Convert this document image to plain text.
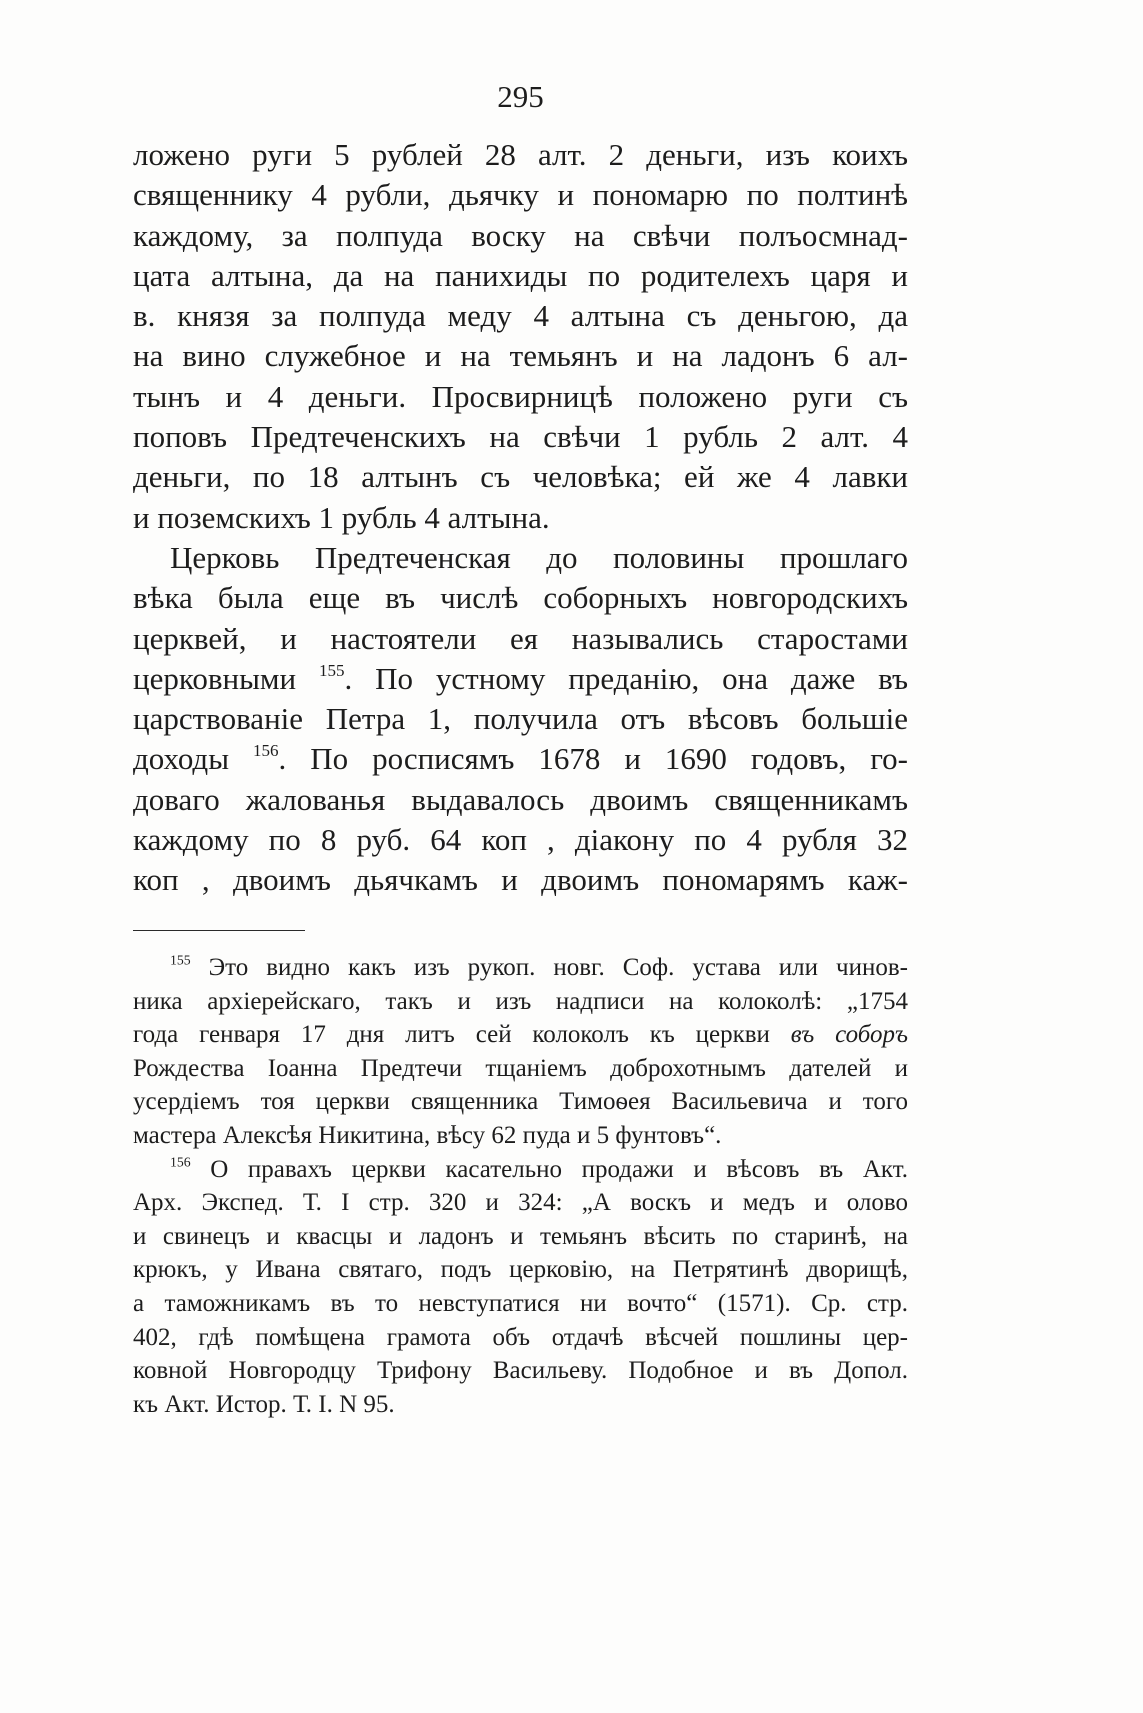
295
ложено руги 5 рублей 28 алт. 2 деньги, изъ коихъ
священнику 4 рубли, дьячку и пономарю по полтинѣ
каждому, за полпуда воску на свѣчи полъосмнад-
цата алтына, да на панихиды по родителехъ царя и
в. князя за полпуда меду 4 алтына съ деньгою, да
на вино служебное и на темьянъ и на ладонъ 6 ал-
тынъ и 4 деньги. Просвирницѣ положено руги съ
поповъ Предтеченскихъ на свѣчи 1 рубль 2 алт. 4
деньги, по 18 алтынъ съ человѣка; ей же 4 лавки
и поземскихъ 1 рубль 4 алтына.
Церковь Предтеченская до половины прошлаго
вѣка была еще въ числѣ соборныхъ новгородскихъ
церквей, и настоятели ея назывались старостами
церковными $^{155}$. По устному преданію, она даже въ
царствованіе Петра 1, получила отъ вѣсовъ большіе
доходы $^{156}$. По росписямъ 1678 и 1690 годовъ, го-
доваго жалованья выдавалось двоимъ священникамъ
каждому по 8 руб. 64 коп , діакону по 4 рубля 32
коп , двоимъ дьячкамъ и двоимъ пономарямъ каж-
$^{155}$ Это видно какъ изъ рукоп. новг. Соф. устава или чинов-
ника архіерейскаго, такъ и изъ надписи на колоколѣ: „1754
года генваря 17 дня литъ сей колоколъ къ церкви въ соборъ
Рождества Іоанна Предтечи тщаніемъ доброхотнымъ дателей и
усердіемъ тоя церкви священника Тимоѳея Васильевича и того
мастера Алексѣя Никитина, вѣсу 62 пуда и 5 фунтовъ“.
$^{156}$ О правахъ церкви касательно продажи и вѣсовъ въ Акт.
Арх. Экспед. Т. I стр. 320 и 324: „А воскъ и медъ и олово
и свинецъ и квасцы и ладонъ и темьянъ вѣсить по старинѣ, на
крюкъ, у Ивана святаго, подъ церковію, на Петрятинѣ дворищѣ,
а таможникамъ въ то невступатися ни вочто“ (1571). Ср. стр.
402, гдѣ помѣщена грамота объ отдачѣ вѣсчей пошлины цер-
ковной Новгородцу Трифону Васильеву. Подобное и въ Допол.
къ Акт. Истор. Т. I. N 95.
